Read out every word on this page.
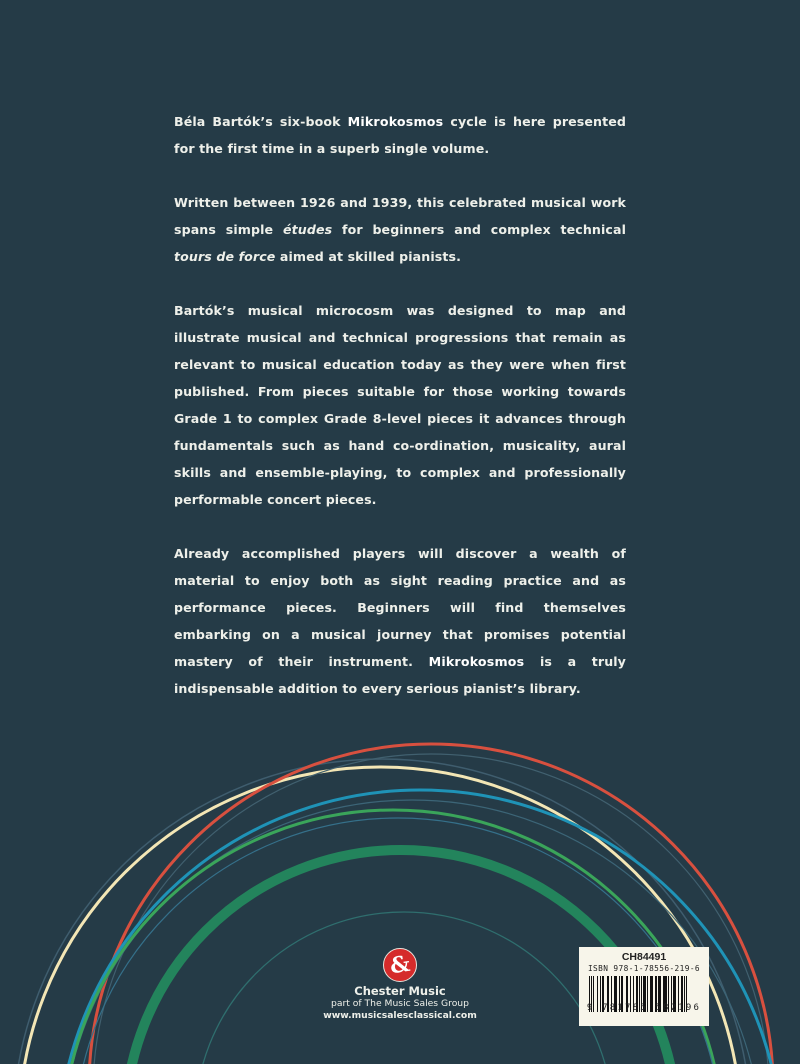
Béla Bartók’s six-book Mikrokosmos cycle is here presented for the first time in a superb single volume.

Written between 1926 and 1939, this celebrated musical work spans simple études for beginners and complex technical tours de force aimed at skilled pianists.

Bartók’s musical microcosm was designed to map and illustrate musical and technical progressions that remain as relevant to musical education today as they were when first published. From pieces suitable for those working towards Grade 1 to complex Grade 8-level pieces it advances through fundamentals such as hand co-ordination, musicality, aural skills and ensemble-playing, to complex and professionally performable concert pieces.

Already accomplished players will discover a wealth of material to enjoy both as sight reading practice and as performance pieces. Beginners will find themselves embarking on a musical journey that promises potential mastery of their instrument. Mikrokosmos is a truly indispensable addition to every serious pianist’s library.

&
Chester Music
part of The Music Sales Group
www.musicsalesclassical.com
CH84491
ISBN 978-1-78556-219-6
9 781785 582196
